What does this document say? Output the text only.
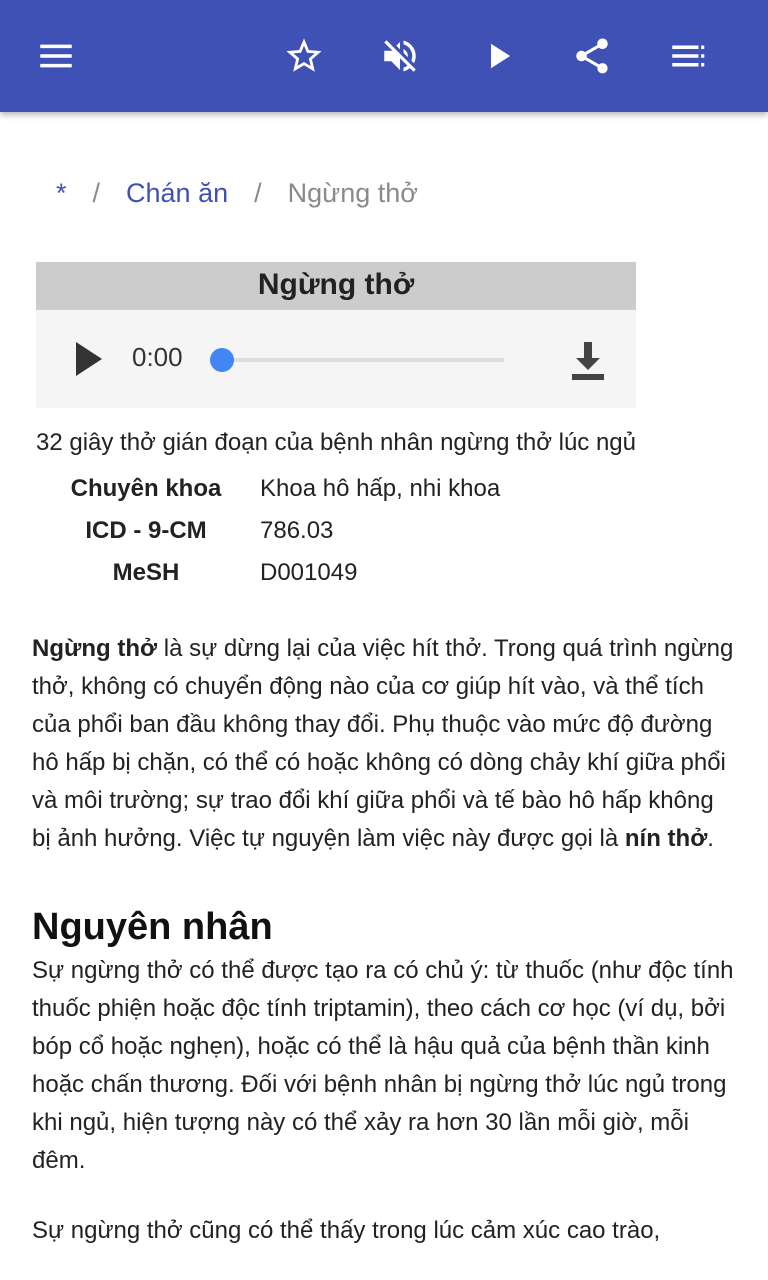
* / Chán ăn / Ngừng thở
Ngừng thở
0:00
32 giây thở gián đoạn của bệnh nhân ngừng thở lúc ngủ
Chuyên khoa	Khoa hô hấp, nhi khoa
ICD - 9-CM	786.03
MeSH	D001049

Ngừng thở là sự dừng lại của việc hít thở. Trong quá trình ngừng thở, không có chuyển động nào của cơ giúp hít vào, và thể tích của phổi ban đầu không thay đổi. Phụ thuộc vào mức độ đường hô hấp bị chặn, có thể có hoặc không có dòng chảy khí giữa phổi và môi trường; sự trao đổi khí giữa phổi và tế bào hô hấp không bị ảnh hưởng. Việc tự nguyện làm việc này được gọi là nín thở.

Nguyên nhân

Sự ngừng thở có thể được tạo ra có chủ ý: từ thuốc (như độc tính thuốc phiện hoặc độc tính triptamin), theo cách cơ học (ví dụ, bởi bóp cổ hoặc nghẹn), hoặc có thể là hậu quả của bệnh thần kinh hoặc chấn thương. Đối với bệnh nhân bị ngừng thở lúc ngủ trong khi ngủ, hiện tượng này có thể xảy ra hơn 30 lần mỗi giờ, mỗi đêm.

Sự ngừng thở cũng có thể thấy trong lúc cảm xúc cao trào,
